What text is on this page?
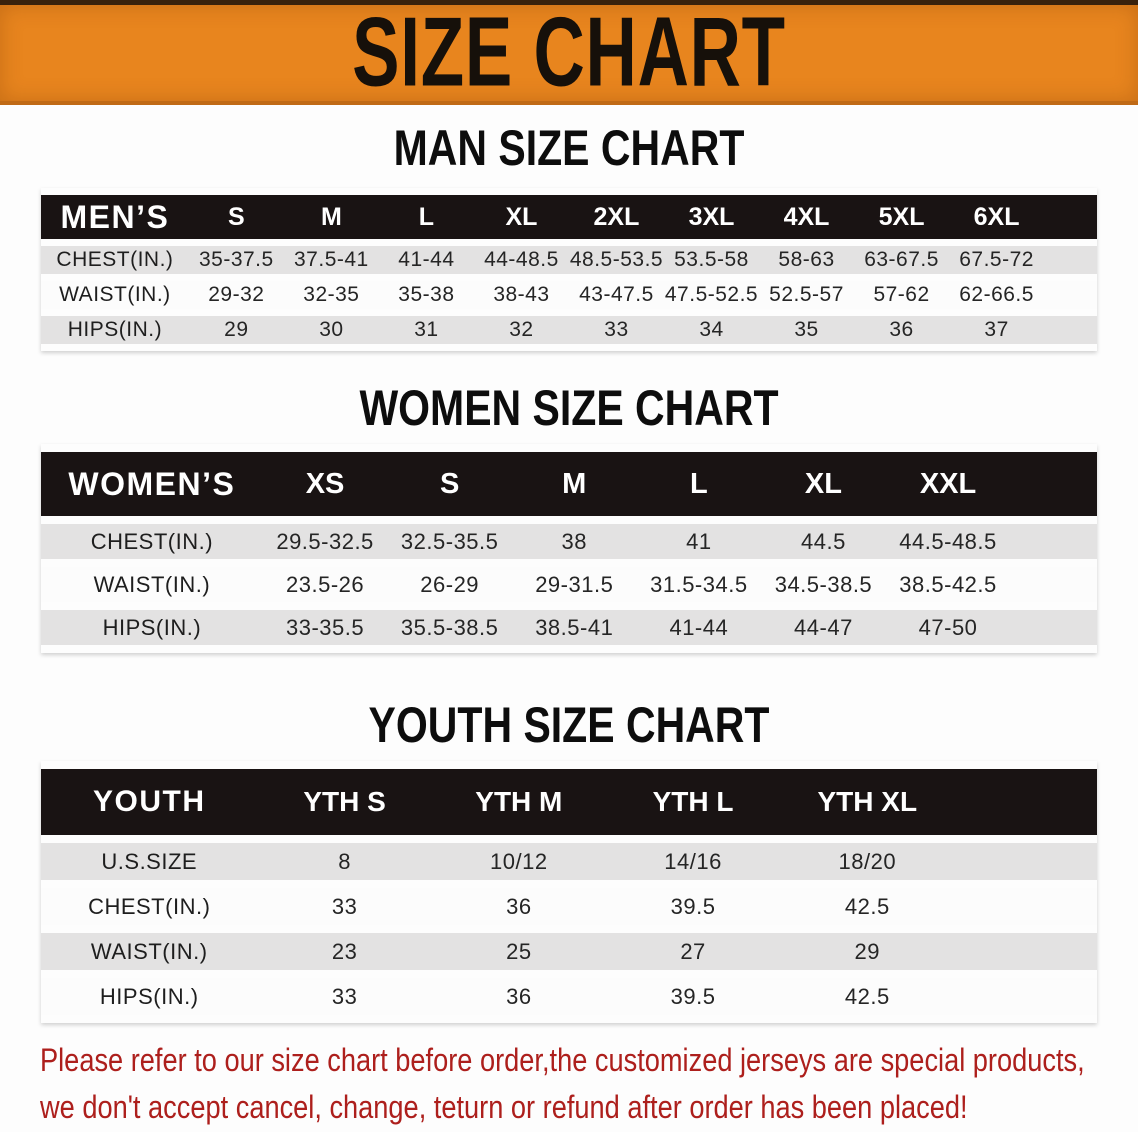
SIZE CHART
MAN SIZE CHART
MEN’S	S	M	L	XL	2XL	3XL	4XL	5XL	6XL	
CHEST(IN.)	35-37.5	37.5-41	41-44	44-48.5	48.5-53.5	53.5-58	58-63	63-67.5	67.5-72	
WAIST(IN.)	29-32	32-35	35-38	38-43	43-47.5	47.5-52.5	52.5-57	57-62	62-66.5	
HIPS(IN.)	29	30	31	32	33	34	35	36	37	
WOMEN SIZE CHART
WOMEN’S	XS	S	M	L	XL	XXL	
CHEST(IN.)	29.5-32.5	32.5-35.5	38	41	44.5	44.5-48.5	
WAIST(IN.)	23.5-26	26-29	29-31.5	31.5-34.5	34.5-38.5	38.5-42.5	
HIPS(IN.)	33-35.5	35.5-38.5	38.5-41	41-44	44-47	47-50	
YOUTH SIZE CHART
YOUTH	YTH S	YTH M	YTH L	YTH XL	
U.S.SIZE	8	10/12	14/16	18/20	
CHEST(IN.)	33	36	39.5	42.5	
WAIST(IN.)	23	25	27	29	
HIPS(IN.)	33	36	39.5	42.5	

Please refer to our size chart before order,the customized jerseys are special products,

we don't accept cancel, change, teturn or refund after order has been placed!
